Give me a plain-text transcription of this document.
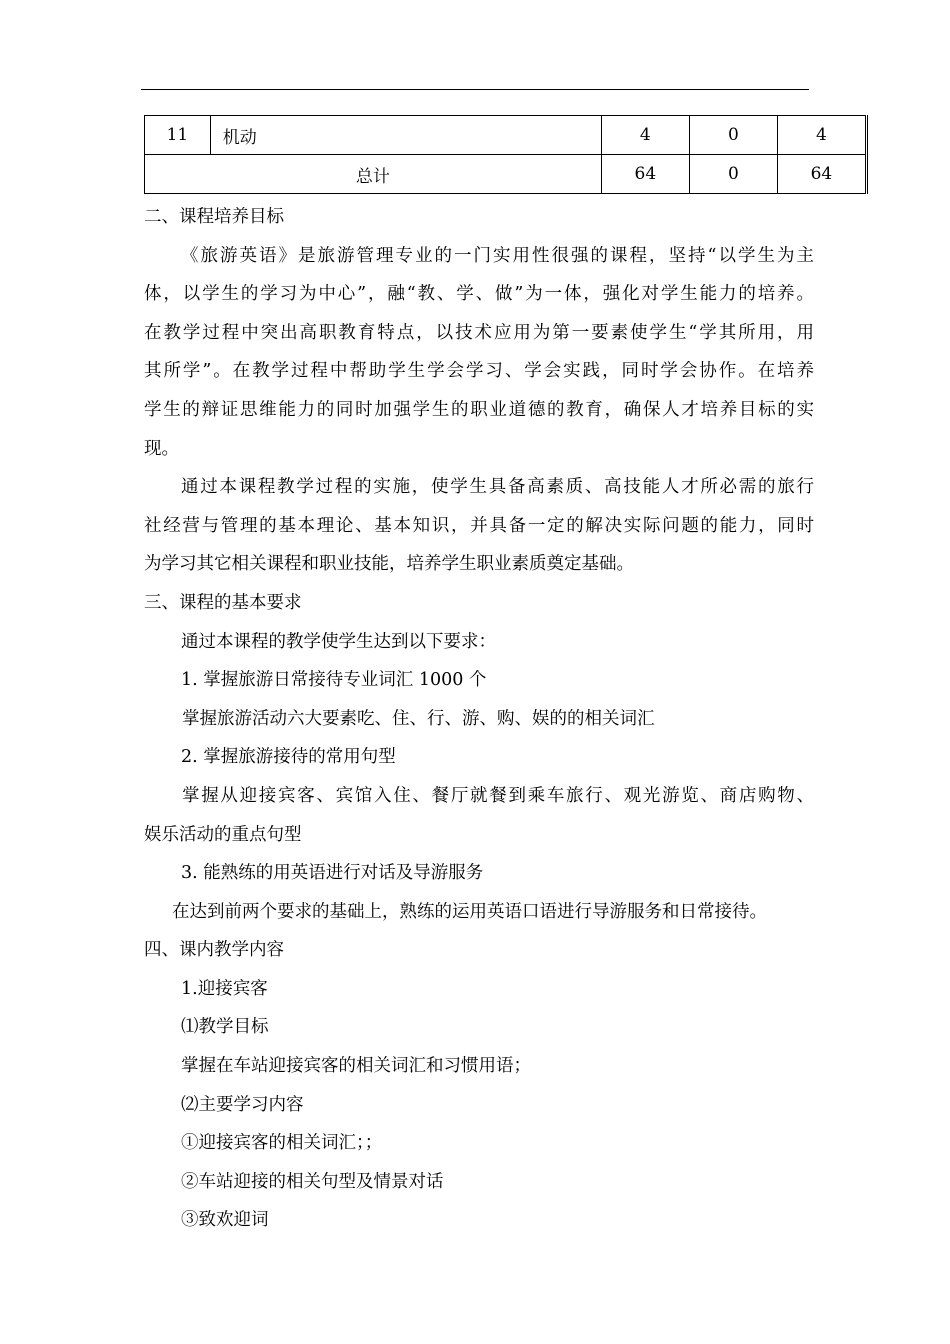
11	机动	4	0	4
总计		64	0	64
二、课程培养目标
《旅游英语》是旅游管理专业的一门实用性很强的课程，坚持“以学生为主
体，以学生的学习为中心”，融“教、学、做”为一体，强化对学生能力的培养。
在教学过程中突出高职教育特点，以技术应用为第一要素使学生“学其所用，用
其所学”。在教学过程中帮助学生学会学习、学会实践，同时学会协作。在培养
学生的辩证思维能力的同时加强学生的职业道德的教育，确保人才培养目标的实
现。
通过本课程教学过程的实施，使学生具备高素质、高技能人才所必需的旅行
社经营与管理的基本理论、基本知识，并具备一定的解决实际问题的能力，同时
为学习其它相关课程和职业技能，培养学生职业素质奠定基础。
三、课程的基本要求
通过本课程的教学使学生达到以下要求：
1. 掌握旅游日常接待专业词汇 1000 个
掌握旅游活动六大要素吃、住、行、游、购、娱的的相关词汇
2. 掌握旅游接待的常用句型
掌握从迎接宾客、宾馆入住、餐厅就餐到乘车旅行、观光游览、商店购物、
娱乐活动的重点句型
3. 能熟练的用英语进行对话及导游服务
在达到前两个要求的基础上，熟练的运用英语口语进行导游服务和日常接待。
四、课内教学内容
1.迎接宾客
⑴教学目标
掌握在车站迎接宾客的相关词汇和习惯用语；
⑵主要学习内容
①迎接宾客的相关词汇；；
②车站迎接的相关句型及情景对话
③致欢迎词
